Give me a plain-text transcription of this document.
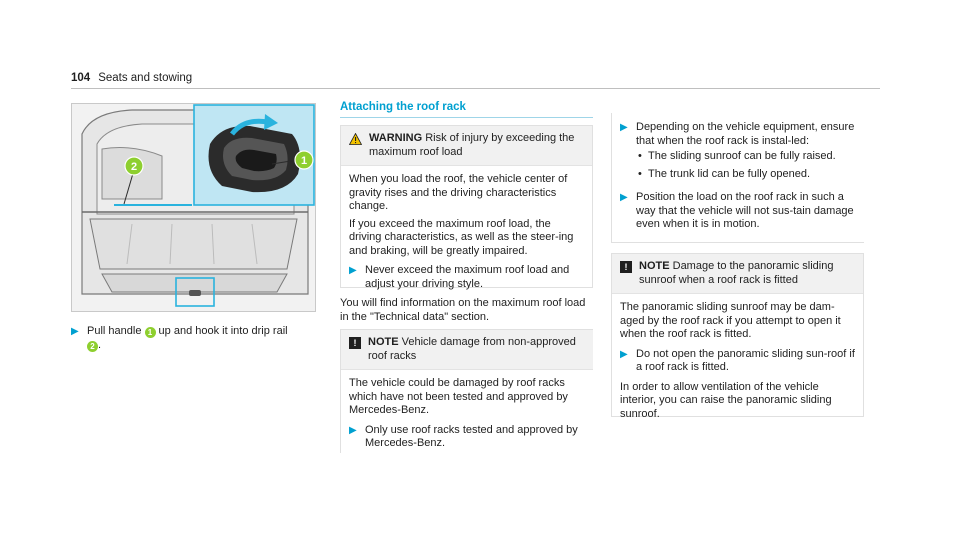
104 Seats and stowing
2	1
▶ Pull handle 1 up and hook it into drip rail
2 .
Attaching the roof rack
WARNING Risk of injury by exceeding the maximum roof load

When you load the roof, the vehicle center of gravity rises and the driving characteristics change.

If you exceed the maximum roof load, the driving characteristics, as well as the steer-ing and braking, will be greatly impaired.

▶ Never exceed the maximum roof load and adjust your driving style.
You will find information on the maximum roof load in the "Technical data" section.
!	NOTE Vehicle damage from non-approved roof racks

The vehicle could be damaged by roof racks which have not been tested and approved by Mercedes-Benz.

▶ Only use roof racks tested and approved by Mercedes-Benz.
▶ Depending on the vehicle equipment, ensure that when the roof rack is instal-led:
• The sliding sunroof can be fully raised.
• The trunk lid can be fully opened.
▶ Position the load on the roof rack in such a way that the vehicle will not sus-tain damage even when it is in motion.
!	NOTE Damage to the panoramic sliding sunroof when a roof rack is fitted

The panoramic sliding sunroof may be dam-aged by the roof rack if you attempt to open it when the roof rack is fitted.

▶ Do not open the panoramic sliding sun-roof if a roof rack is fitted.

In order to allow ventilation of the vehicle interior, you can raise the panoramic sliding sunroof.
